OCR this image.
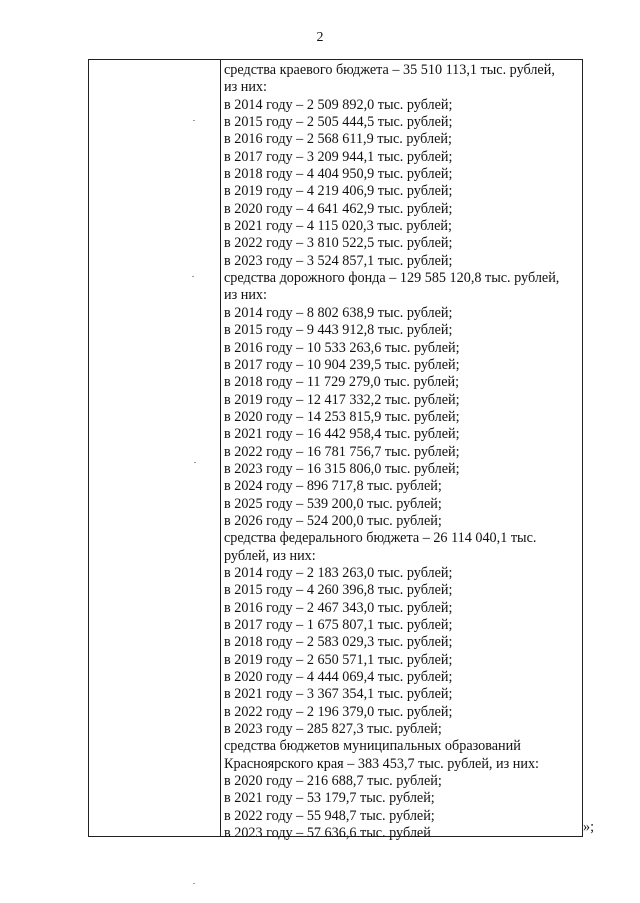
2
средства краевого бюджета – 35 510 113,1 тыс. рублей,
из них:
в 2014 году – 2 509 892,0 тыс. рублей;
в 2015 году – 2 505 444,5 тыс. рублей;
в 2016 году – 2 568 611,9 тыс. рублей;
в 2017 году – 3 209 944,1 тыс. рублей;
в 2018 году – 4 404 950,9 тыс. рублей;
в 2019 году – 4 219 406,9 тыс. рублей;
в 2020 году – 4 641 462,9 тыс. рублей;
в 2021 году – 4 115 020,3 тыс. рублей;
в 2022 году – 3 810 522,5 тыс. рублей;
в 2023 году – 3 524 857,1 тыс. рублей;
средства дорожного фонда – 129 585 120,8 тыс. рублей,
из них:
в 2014 году – 8 802 638,9 тыс. рублей;
в 2015 году – 9 443 912,8 тыс. рублей;
в 2016 году – 10 533 263,6 тыс. рублей;
в 2017 году – 10 904 239,5 тыс. рублей;
в 2018 году – 11 729 279,0 тыс. рублей;
в 2019 году – 12 417 332,2 тыс. рублей;
в 2020 году – 14 253 815,9 тыс. рублей;
в 2021 году – 16 442 958,4 тыс. рублей;
в 2022 году – 16 781 756,7 тыс. рублей;
в 2023 году – 16 315 806,0 тыс. рублей;
в 2024 году – 896 717,8 тыс. рублей;
в 2025 году – 539 200,0 тыс. рублей;
в 2026 году – 524 200,0 тыс. рублей;
средства федерального бюджета – 26 114 040,1 тыс.
рублей, из них:
в 2014 году – 2 183 263,0 тыс. рублей;
в 2015 году – 4 260 396,8 тыс. рублей;
в 2016 году – 2 467 343,0 тыс. рублей;
в 2017 году – 1 675 807,1 тыс. рублей;
в 2018 году – 2 583 029,3 тыс. рублей;
в 2019 году – 2 650 571,1 тыс. рублей;
в 2020 году – 4 444 069,4 тыс. рублей;
в 2021 году – 3 367 354,1 тыс. рублей;
в 2022 году – 2 196 379,0 тыс. рублей;
в 2023 году – 285 827,3 тыс. рублей;
средства бюджетов муниципальных образований
Красноярского края – 383 453,7 тыс. рублей, из них:
в 2020 году – 216 688,7 тыс. рублей;
в 2021 году – 53 179,7 тыс. рублей;
в 2022 году – 55 948,7 тыс. рублей;
в 2023 году – 57 636,6 тыс. рублей	»;
